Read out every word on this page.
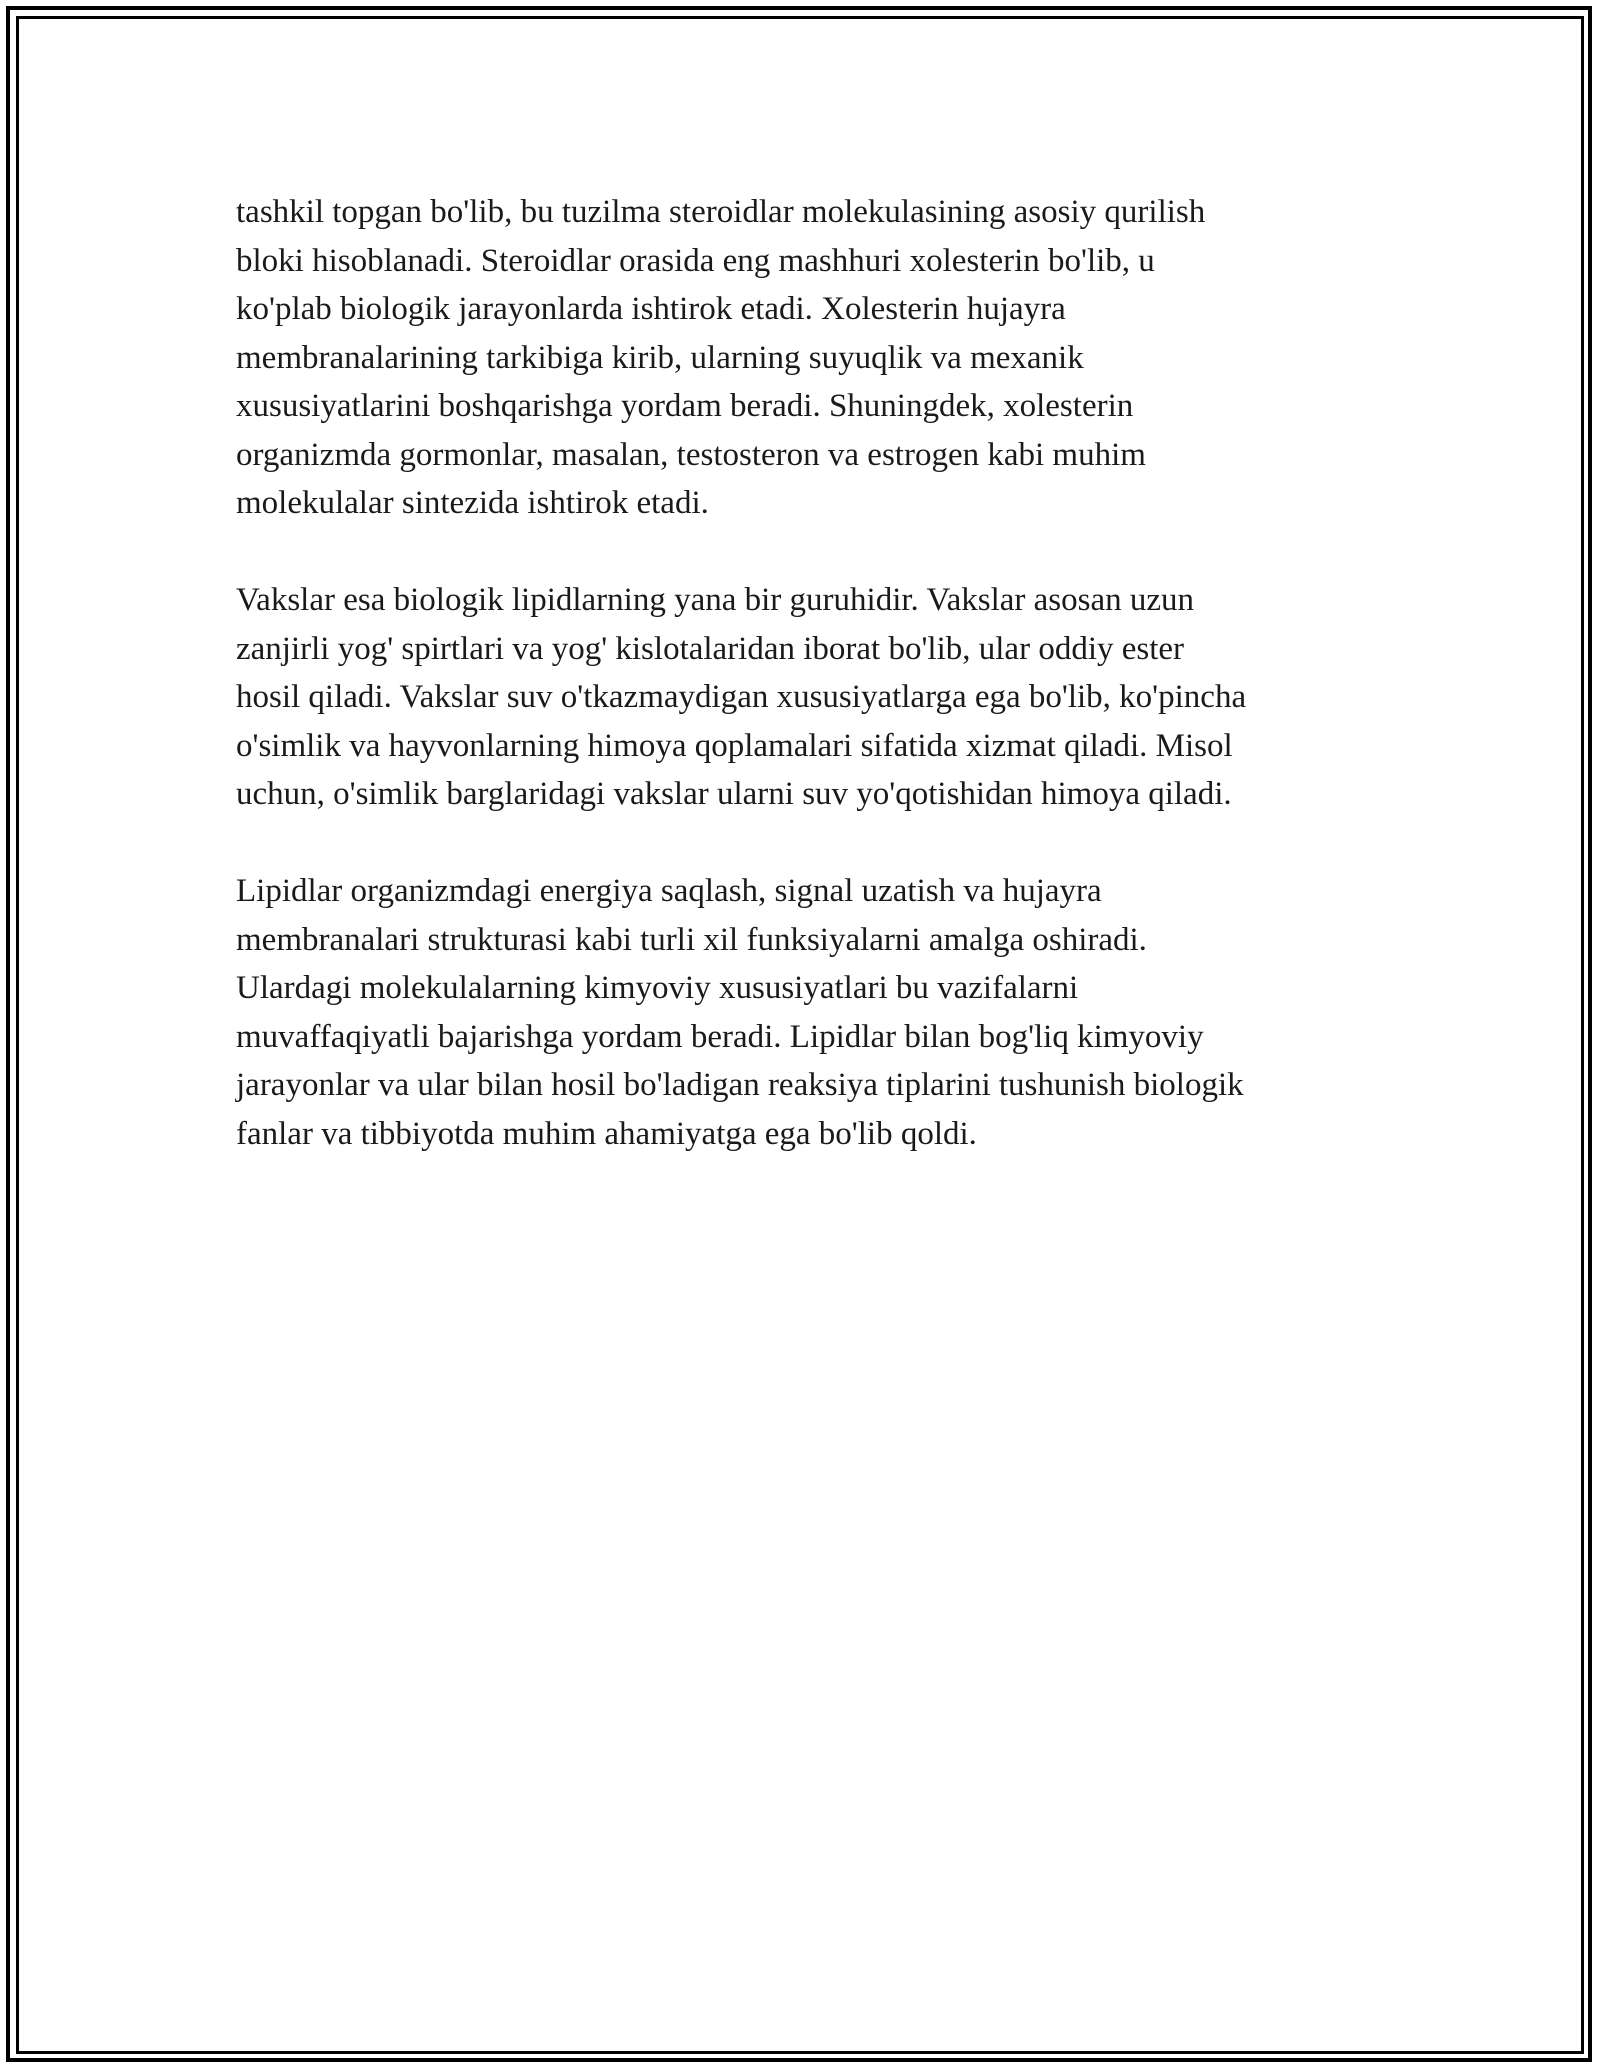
tashkil topgan bo'lib, bu tuzilma steroidlar molekulasining asosiy qurilish
bloki hisoblanadi. Steroidlar orasida eng mashhuri xolesterin bo'lib, u
ko'plab biologik jarayonlarda ishtirok etadi. Xolesterin hujayra
membranalarining tarkibiga kirib, ularning suyuqlik va mexanik
xususiyatlarini boshqarishga yordam beradi. Shuningdek, xolesterin
organizmda gormonlar, masalan, testosteron va estrogen kabi muhim
molekulalar sintezida ishtirok etadi.

Vakslar esa biologik lipidlarning yana bir guruhidir. Vakslar asosan uzun
zanjirli yog' spirtlari va yog' kislotalaridan iborat bo'lib, ular oddiy ester
hosil qiladi. Vakslar suv o'tkazmaydigan xususiyatlarga ega bo'lib, ko'pincha
o'simlik va hayvonlarning himoya qoplamalari sifatida xizmat qiladi. Misol
uchun, o'simlik barglaridagi vakslar ularni suv yo'qotishidan himoya qiladi.

Lipidlar organizmdagi energiya saqlash, signal uzatish va hujayra
membranalari strukturasi kabi turli xil funksiyalarni amalga oshiradi.
Ulardagi molekulalarning kimyoviy xususiyatlari bu vazifalarni
muvaffaqiyatli bajarishga yordam beradi. Lipidlar bilan bog'liq kimyoviy
jarayonlar va ular bilan hosil bo'ladigan reaksiya tiplarini tushunish biologik
fanlar va tibbiyotda muhim ahamiyatga ega bo'lib qoldi.
